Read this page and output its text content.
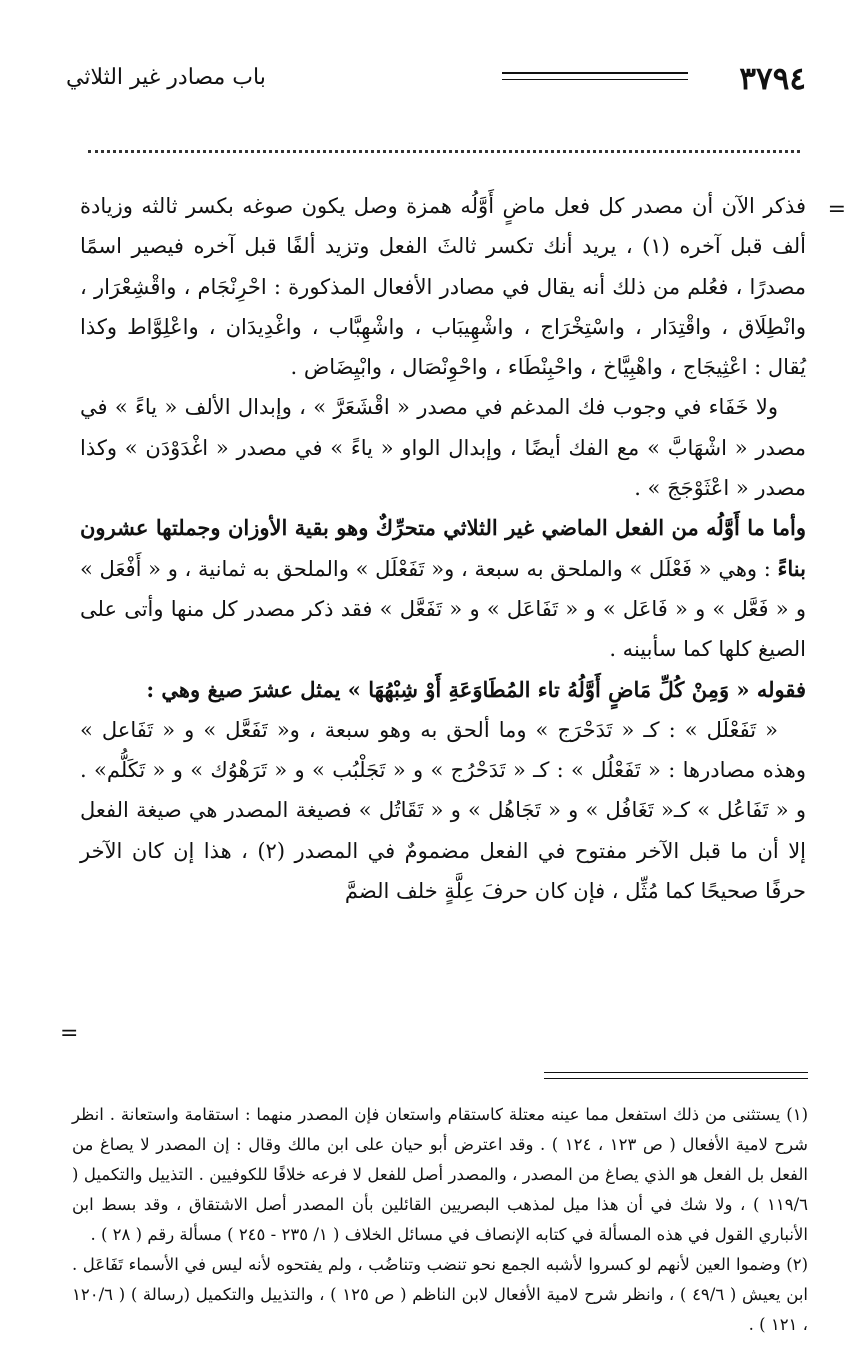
٣٧٩٤
باب مصادر غير الثلاثي
=

فذكر الآن أن مصدر كل فعل ماضٍ أَوَّلُه همزة وصل يكون صوغه بكسر ثالثه وزيادة ألف قبل آخره (١) ، يريد أنك تكسر ثالثَ الفعل وتزيد ألفًا قبل آخره فيصير اسمًا مصدرًا ، فعُلم من ذلك أنه يقال في مصادر الأفعال المذكورة : احْرِنْجَام ، واقْشِعْرَار ، وانْطِلَاق ، واقْتِدَار ، واسْتِخْرَاج ، واشْهِيبَاب ، واشْهِبَّاب ، واغْدِيدَان ، واعْلِوَّاط وكذا يُقال : اعْثِيجَاج ، واهْبِيَّاخ ، واحْبِنْطَاء ، واحْوِنْصَال ، وابْيِضَاض .

ولا خَفَاء في وجوب فك المدغم في مصدر « اقْشَعَرَّ » ، وإبدال الألف « ياءً » في مصدر « اشْهَابَّ » مع الفك أيضًا ، وإبدال الواو « ياءً » في مصدر « اغْدَوْدَن » وكذا مصدر « اعْثَوْجَجَ » .

وأما ما أَوَّلُه من الفعل الماضي غير الثلاثي متحرِّكٌ وهو بقية الأوزان وجملتها عشرون بناءً : وهي « فَعْلَل » والملحق به سبعة ، و« تَفَعْلَل » والملحق به ثمانية ، و « أَفْعَل » و « فَعَّل » و « فَاعَل » و « تَفَاعَل » و « تَفَعَّل » فقد ذكر مصدر كل منها وأتى على الصيغ كلها كما سأبينه .

فقوله « وَمِنْ كُلِّ مَاضٍ أَوَّلُهُ تاء المُطَاوَعَةِ أَوْ شِبْهُهَا » يمثل عشرَ صيغ وهي :

« تَفَعْلَل » : كـ « تَدَحْرَج » وما ألحق به وهو سبعة ، و« تَفَعَّل » و « تَفَاعل » وهذه مصادرها : « تَفَعْلُل » : كـ « تَدَحْرُج » و « تَجَلْبُب » و « تَرَهْوُك » و « تَكَلُّم» . و « تَفَاعُل » كـ« تَغَافُل » و « تَجَاهُل » و « تَقَاتُل » فصيغة المصدر هي صيغة الفعل إلا أن ما قبل الآخر مفتوح في الفعل مضمومٌ في المصدر (٢) ، هذا إن كان الآخر حرفًا صحيحًا كما مُثِّل ، فإن كان حرفَ عِلَّةٍ خلف الضمَّ

=

(١) يستثنى من ذلك استفعل مما عينه معتلة كاستقام واستعان فإن المصدر منهما : استقامة واستعانة . انظر شرح لامية الأفعال ( ص ١٢٣ ، ١٢٤ ) . وقد اعترض أبو حيان على ابن مالك وقال : إن المصدر لا يصاغ من الفعل بل الفعل هو الذي يصاغ من المصدر ، والمصدر أصل للفعل لا فرعه خلافًا للكوفيين . التذييل والتكميل ( ١١٩/٦ ) ، ولا شك في أن هذا ميل لمذهب البصريين القائلين بأن المصدر أصل الاشتقاق ، وقد بسط ابن الأنباري القول في هذه المسألة في كتابه الإنصاف في مسائل الخلاف ( ١/ ٢٣٥ - ٢٤٥ ) مسألة رقم ( ٢٨ ) .

(٢) وضموا العين لأنهم لو كسروا لأشبه الجمع نحو تنضب وتناضُب ، ولم يفتحوه لأنه ليس في الأسماء تَفَاعَل . ابن يعيش ( ٤٩/٦ ) ، وانظر شرح لامية الأفعال لابن الناظم ( ص ١٢٥ ) ، والتذييل والتكميل (رسالة ) ( ١٢٠/٦ ، ١٢١ ) .
